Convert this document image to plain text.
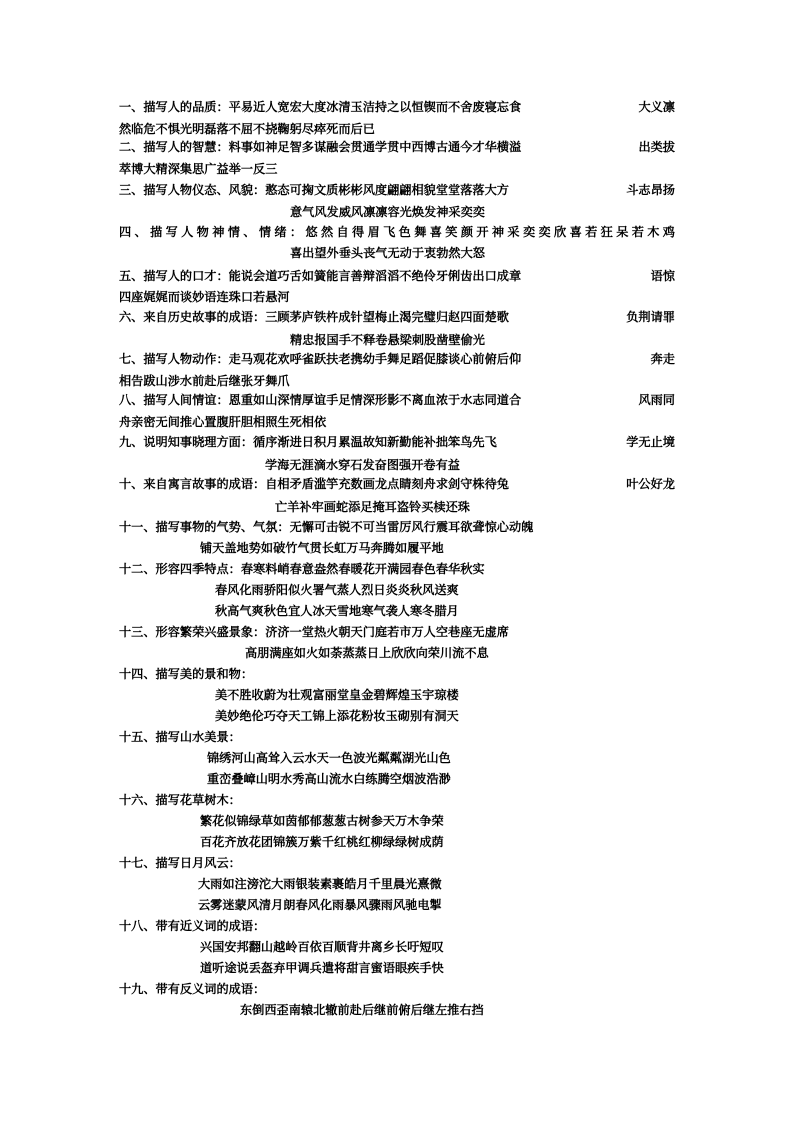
一、描写人的品质：平易近人宽宏大度冰清玉洁持之以恒锲而不舍废寝忘食	大义凛
然临危不惧光明磊落不屈不挠鞠躬尽瘁死而后已
二、描写人的智慧：料事如神足智多谋融会贯通学贯中西博古通今才华横溢	出类拔
萃博大精深集思广益举一反三
三、描写人物仪态、风貌：憨态可掬文质彬彬风度翩翩相貌堂堂落落大方	斗志昂扬
意气风发威风凛凛容光焕发神采奕奕
四、描写人物神情、情绪：悠然自得眉飞色舞喜笑颜开神采奕奕欣喜若狂呆若木鸡
喜出望外垂头丧气无动于衷勃然大怒
五、描写人的口才：能说会道巧舌如簧能言善辩滔滔不绝伶牙俐齿出口成章	语惊
四座娓娓而谈妙语连珠口若悬河
六、来自历史故事的成语：三顾茅庐铁杵成针望梅止渴完璧归赵四面楚歌	负荆请罪
精忠报国手不释卷悬梁刺股凿壁偷光
七、描写人物动作：走马观花欢呼雀跃扶老携幼手舞足蹈促膝谈心前俯后仰	奔走
相告跋山涉水前赴后继张牙舞爪
八、描写人间情谊：恩重如山深情厚谊手足情深形影不离血浓于水志同道合	风雨同
舟亲密无间推心置腹肝胆相照生死相依
九、说明知事晓理方面：循序渐进日积月累温故知新勤能补拙笨鸟先飞	学无止境
学海无涯滴水穿石发奋图强开卷有益
十、来自寓言故事的成语：自相矛盾滥竽充数画龙点睛刻舟求剑守株待兔	叶公好龙
亡羊补牢画蛇添足掩耳盗铃买椟还珠
十一、描写事物的气势、气氛：无懈可击锐不可当雷厉风行震耳欲聋惊心动魄
铺天盖地势如破竹气贯长虹万马奔腾如履平地
十二、形容四季特点：春寒料峭春意盎然春暖花开满园春色春华秋实
春风化雨骄阳似火署气蒸人烈日炎炎秋风送爽
秋高气爽秋色宜人冰天雪地寒气袭人寒冬腊月
十三、形容繁荣兴盛景象：济济一堂热火朝天门庭若市万人空巷座无虚席
高朋满座如火如荼蒸蒸日上欣欣向荣川流不息
十四、描写美的景和物：
美不胜收蔚为壮观富丽堂皇金碧辉煌玉宇琼楼
美妙绝伦巧夺天工锦上添花粉妆玉砌别有洞天
十五、描写山水美景：
锦绣河山高耸入云水天一色波光粼粼湖光山色
重峦叠嶂山明水秀高山流水白练腾空烟波浩渺
十六、描写花草树木：
繁花似锦绿草如茵郁郁葱葱古树参天万木争荣
百花齐放花团锦簇万紫千红桃红柳绿绿树成荫
十七、描写日月风云：
大雨如注滂沱大雨银装素裹皓月千里晨光熹微
云雾迷蒙风清月朗春风化雨暴风骤雨风驰电掣
十八、带有近义词的成语：
兴国安邦翻山越岭百依百顺背井离乡长吁短叹
道听途说丢盔弃甲调兵遣将甜言蜜语眼疾手快
十九、带有反义词的成语：
东倒西歪南辕北辙前赴后继前俯后继左推右挡
